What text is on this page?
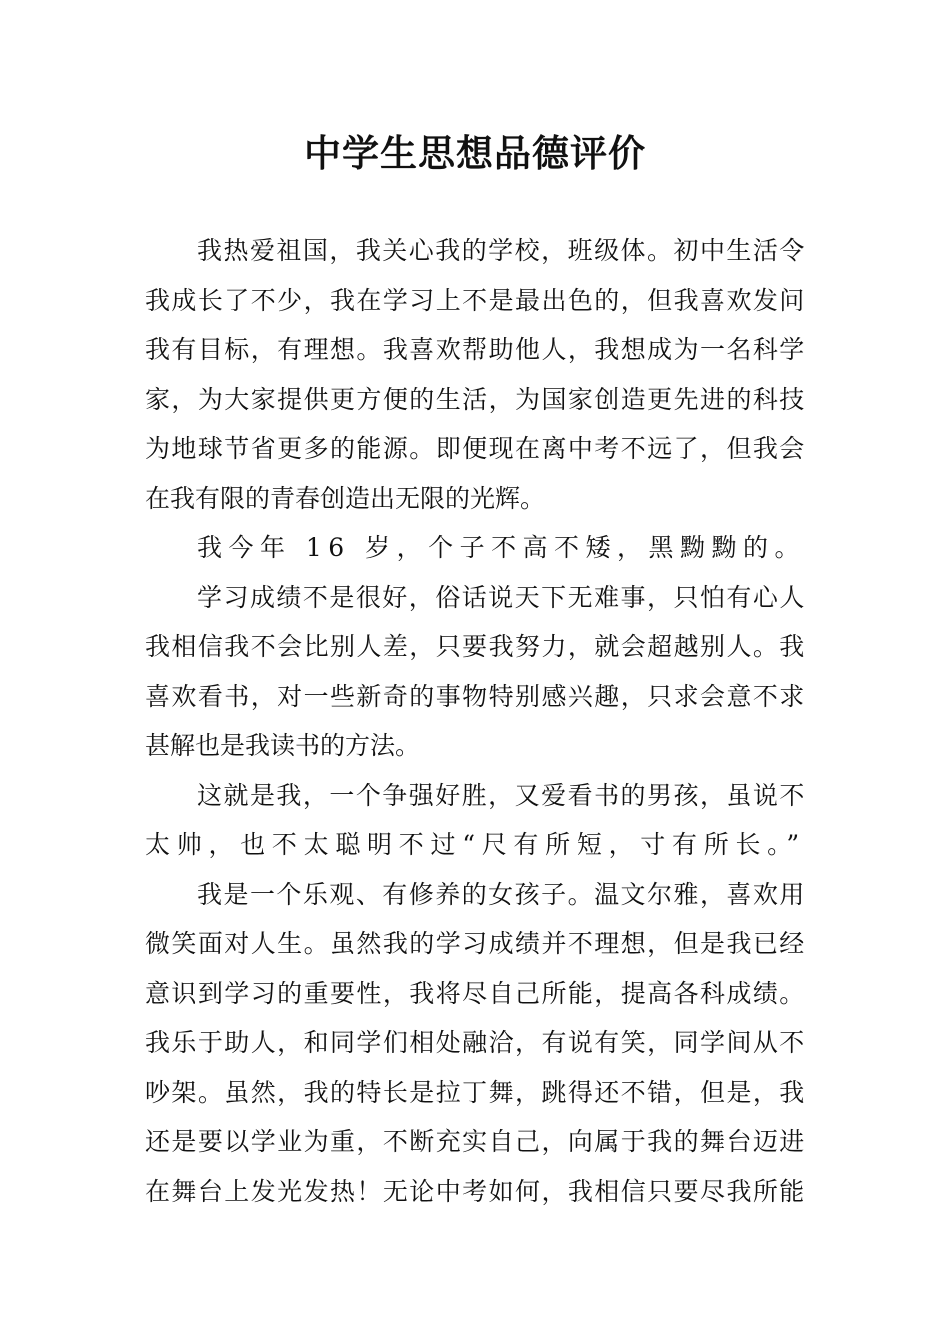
中学生思想品德评价
我热爱祖国，我关心我的学校，班级体。初中生活令
我成长了不少，我在学习上不是最出色的，但我喜欢发问
我有目标，有理想。我喜欢帮助他人，我想成为一名科学
家，为大家提供更方便的生活，为国家创造更先进的科技
为地球节省更多的能源。即便现在离中考不远了，但我会
在我有限的青春创造出无限的光辉。
我今年 16 岁，个子不高不矮，黑黝黝的。
学习成绩不是很好，俗话说天下无难事，只怕有心人
我相信我不会比别人差，只要我努力，就会超越别人。我
喜欢看书，对一些新奇的事物特别感兴趣，只求会意不求
甚解也是我读书的方法。
这就是我，一个争强好胜，又爱看书的男孩，虽说不
太帅，也不太聪明不过“尺有所短，寸有所长。”
我是一个乐观、有修养的女孩子。温文尔雅，喜欢用
微笑面对人生。虽然我的学习成绩并不理想，但是我已经
意识到学习的重要性，我将尽自己所能，提高各科成绩。
我乐于助人，和同学们相处融洽，有说有笑，同学间从不
吵架。虽然，我的特长是拉丁舞，跳得还不错，但是，我
还是要以学业为重，不断充实自己，向属于我的舞台迈进
在舞台上发光发热！无论中考如何，我相信只要尽我所能
